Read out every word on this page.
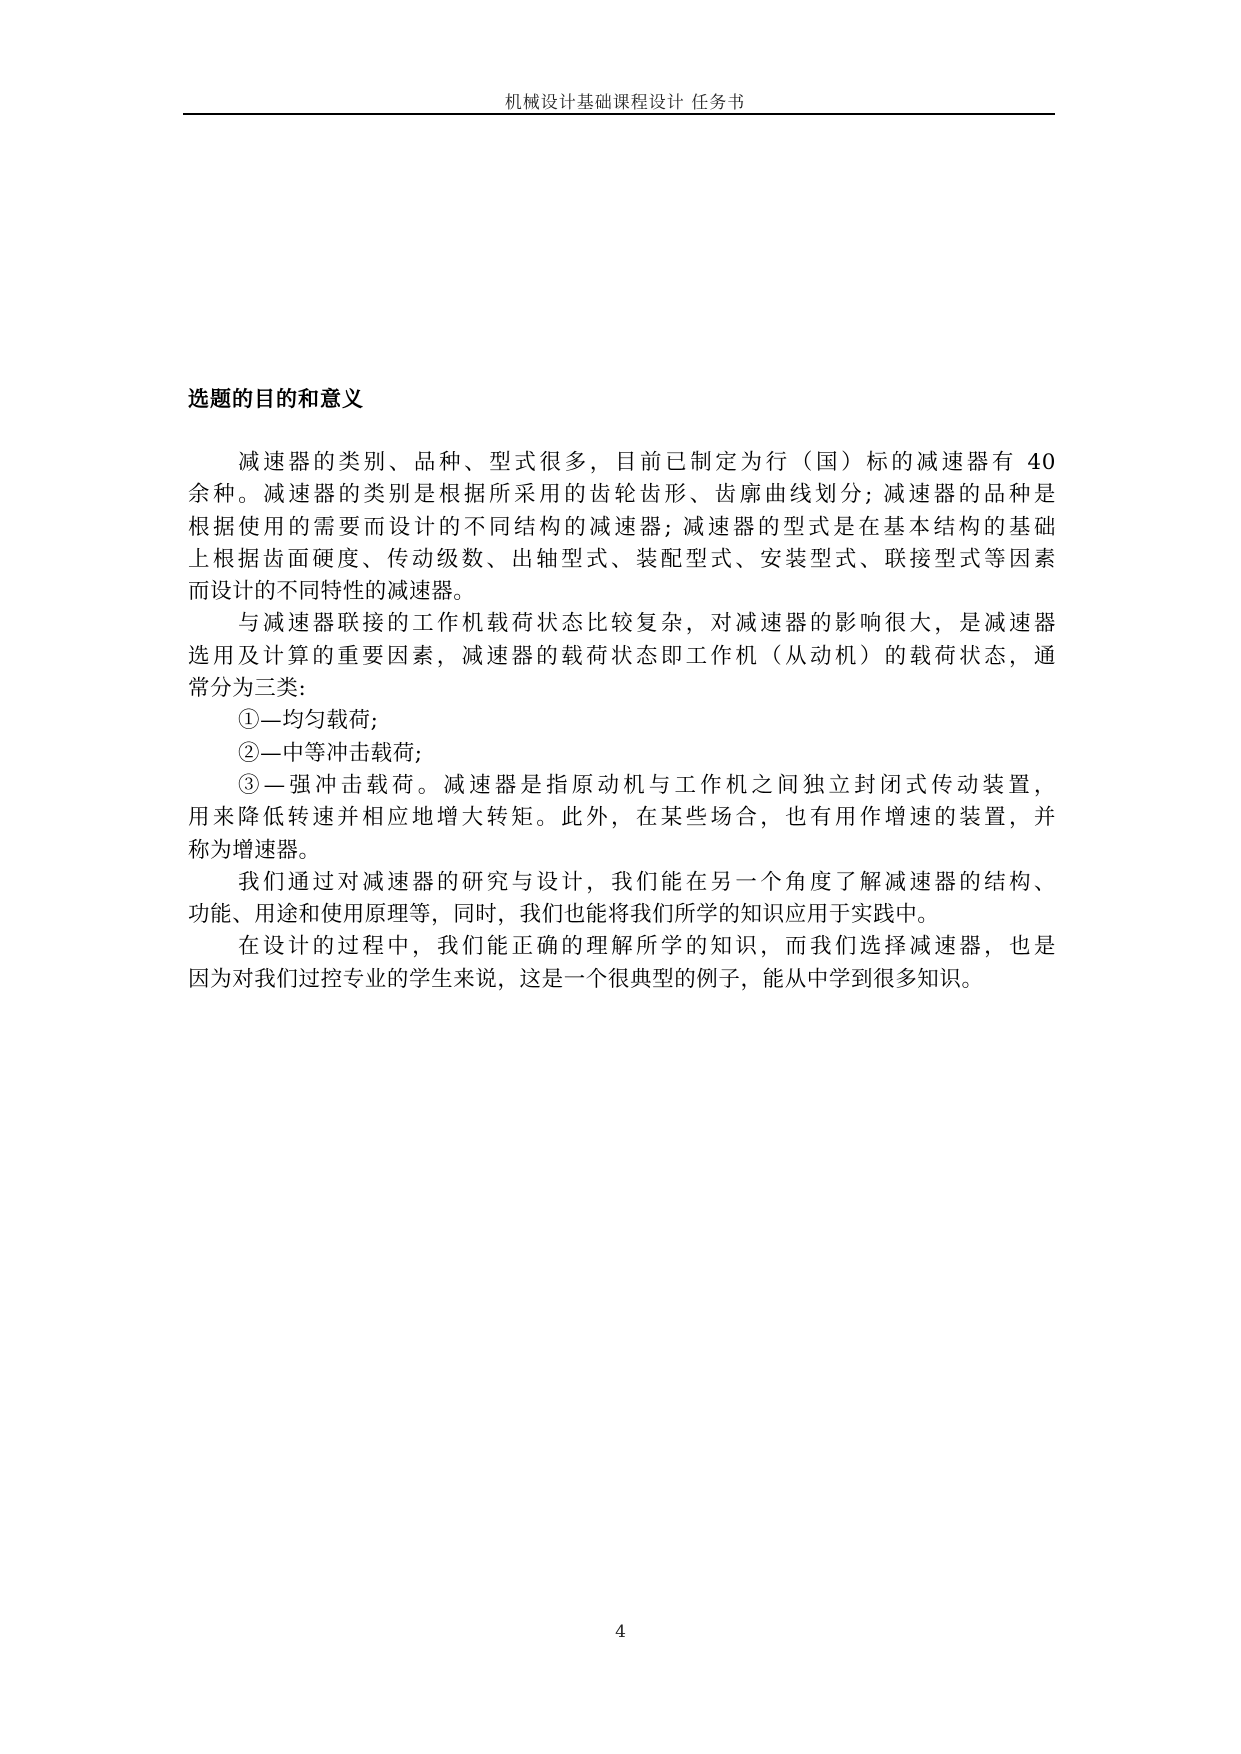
机械设计基础课程设计 任务书
选题的目的和意义
减速器的类别、品种、型式很多，目前已制定为行（国）标的减速器有 40
余种。减速器的类别是根据所采用的齿轮齿形、齿廓曲线划分; 减速器的品种是
根据使用的需要而设计的不同结构的减速器; 减速器的型式是在基本结构的基础
上根据齿面硬度、传动级数、出轴型式、装配型式、安装型式、联接型式等因素
而设计的不同特性的减速器。
与减速器联接的工作机载荷状态比较复杂，对减速器的影响很大，是减速器
选用及计算的重要因素，减速器的载荷状态即工作机（从动机）的载荷状态，通
常分为三类:
①—均匀载荷;
②—中等冲击载荷;
③—强冲击载荷。减速器是指原动机与工作机之间独立封闭式传动装置，
用来降低转速并相应地增大转矩。此外，在某些场合，也有用作增速的装置，并
称为增速器。
我们通过对减速器的研究与设计，我们能在另一个角度了解减速器的结构、
功能、用途和使用原理等，同时，我们也能将我们所学的知识应用于实践中。
在设计的过程中，我们能正确的理解所学的知识，而我们选择减速器，也是
因为对我们过控专业的学生来说，这是一个很典型的例子，能从中学到很多知识。
4
